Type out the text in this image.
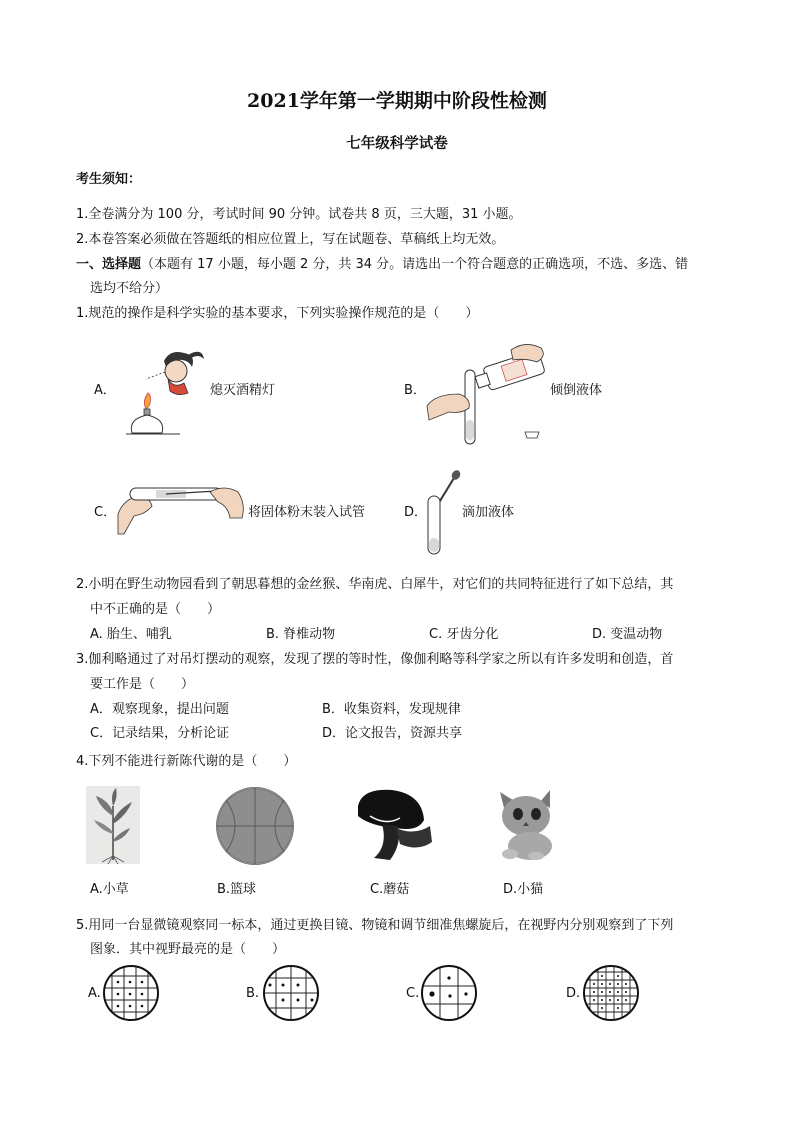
2021学年第一学期期中阶段性检测
七年级科学试卷
考生须知：
1.全卷满分为 100 分，考试时间 90 分钟。试卷共 8 页，三大题，31 小题。
2.本卷答案必须做在答题纸的相应位置上，写在试题卷、草稿纸上均无效。
一、选择题（本题有 17 小题，每小题 2 分，共 34 分。请选出一个符合题意的正确选项，不选、多选、错
选均不给分）
1.规范的操作是科学实验的基本要求，下列实验操作规范的是（　　）
A．	熄灭酒精灯	B．	倾倒液体
C．	将固体粉末装入试管	D．	滴加液体
2.小明在野生动物园看到了朝思暮想的金丝猴、华南虎、白犀牛，对它们的共同特征进行了如下总结，其
中不正确的是（　　）
A. 胎生、哺乳	B. 脊椎动物	C. 牙齿分化	D. 变温动物
3.伽利略通过了对吊灯摆动的观察，发现了摆的等时性，像伽利略等科学家之所以有许多发明和创造，首
要工作是（　　）
A．观察现象，提出问题	B．收集资料，发现规律
C．记录结果，分析论证	D．论文报告，资源共享
4.下列不能进行新陈代谢的是（　　）
A.小草	B.篮球	C.蘑菇	D.小猫
5.用同一台显微镜观察同一标本，通过更换目镜、物镜和调节细准焦螺旋后，在视野内分别观察到了下列
图象．其中视野最亮的是（　　）
A.	B.	C.	D.
